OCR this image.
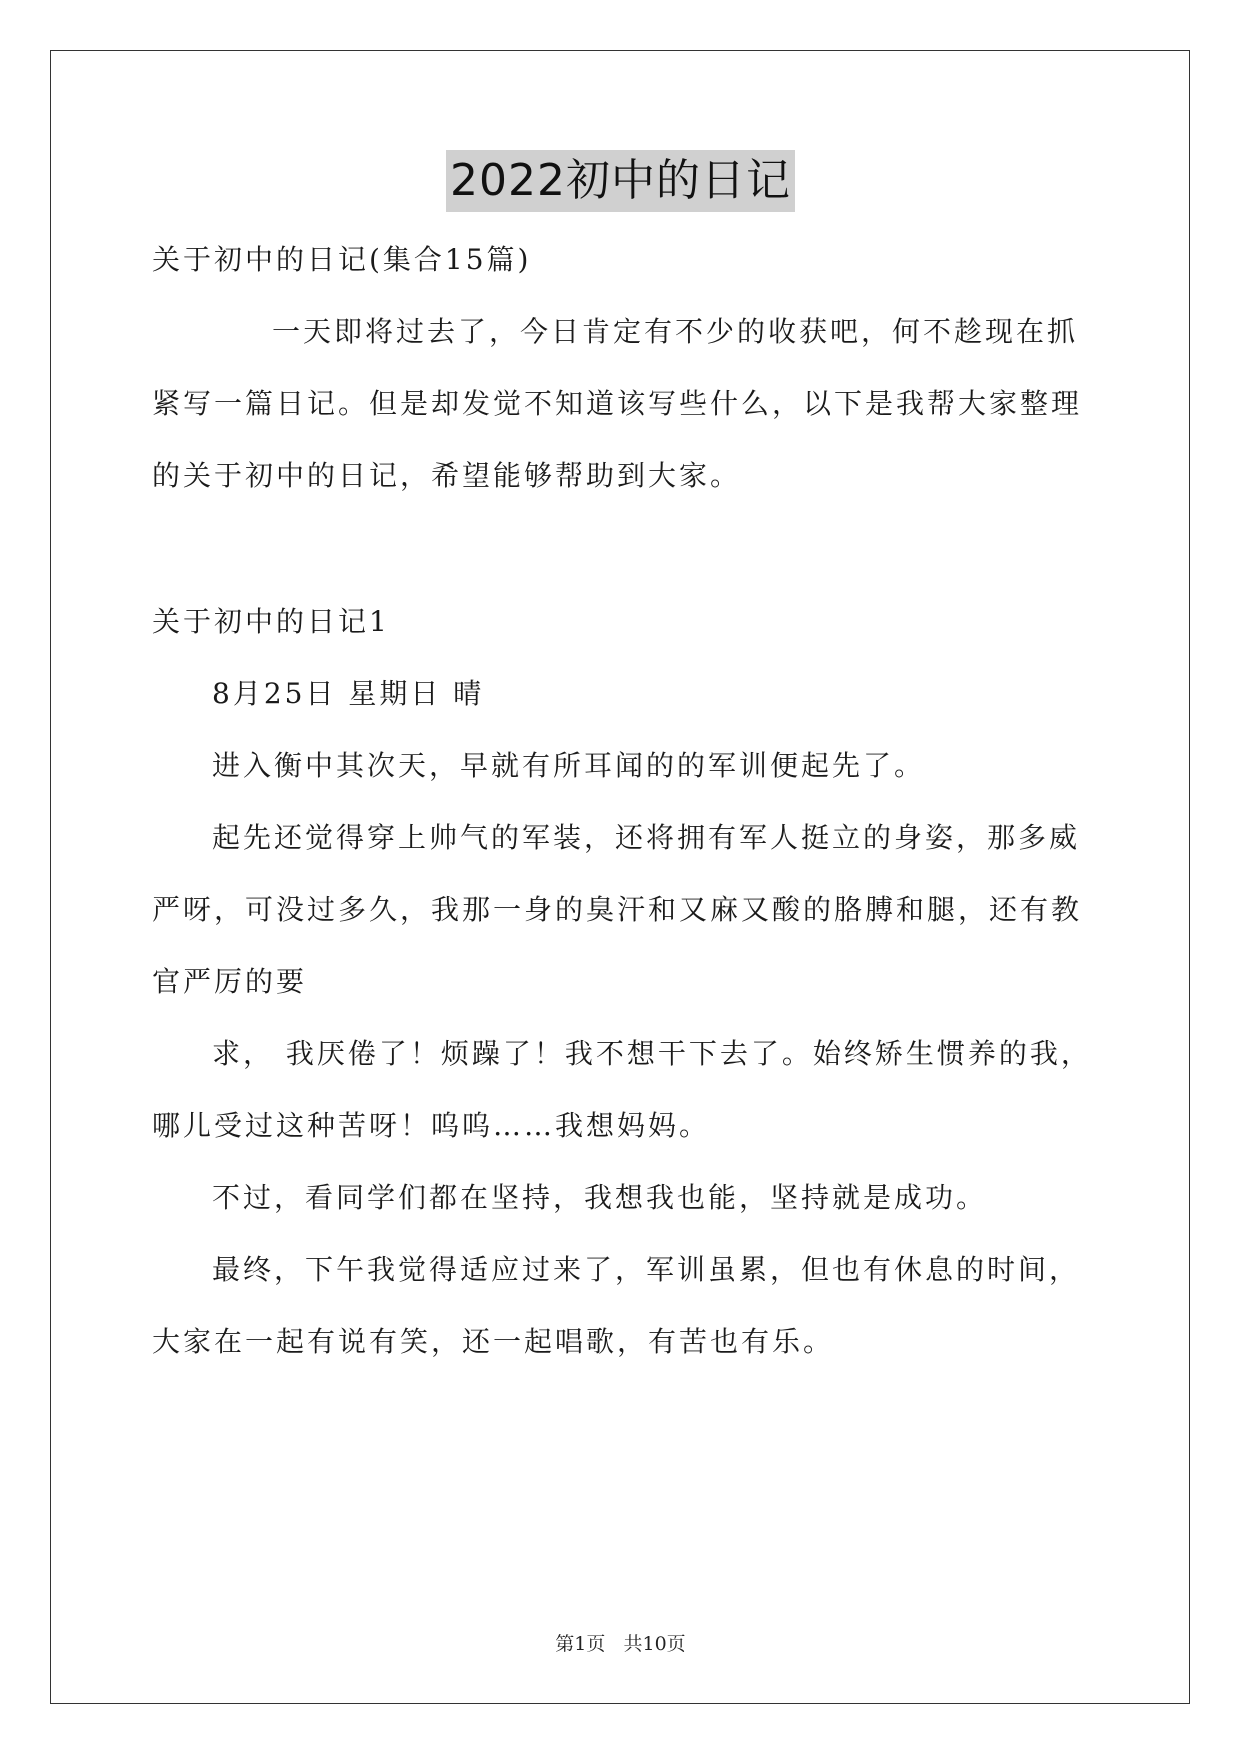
2022初中的日记
关于初中的日记(集合15篇)
一天即将过去了，今日肯定有不少的收获吧，何不趁现在抓
紧写一篇日记。但是却发觉不知道该写些什么，以下是我帮大家整理
的关于初中的日记，希望能够帮助到大家。
关于初中的日记1
8月25日 星期日 晴
进入衡中其次天，早就有所耳闻的的军训便起先了。
起先还觉得穿上帅气的军装，还将拥有军人挺立的身姿，那多威
严呀，可没过多久，我那一身的臭汗和又麻又酸的胳膊和腿，还有教
官严厉的要
求， 我厌倦了！烦躁了！我不想干下去了。始终矫生惯养的我，
哪儿受过这种苦呀！呜呜……我想妈妈。
不过，看同学们都在坚持，我想我也能，坚持就是成功。
最终，下午我觉得适应过来了，军训虽累，但也有休息的时间，
大家在一起有说有笑，还一起唱歌，有苦也有乐。
第1页   共10页
